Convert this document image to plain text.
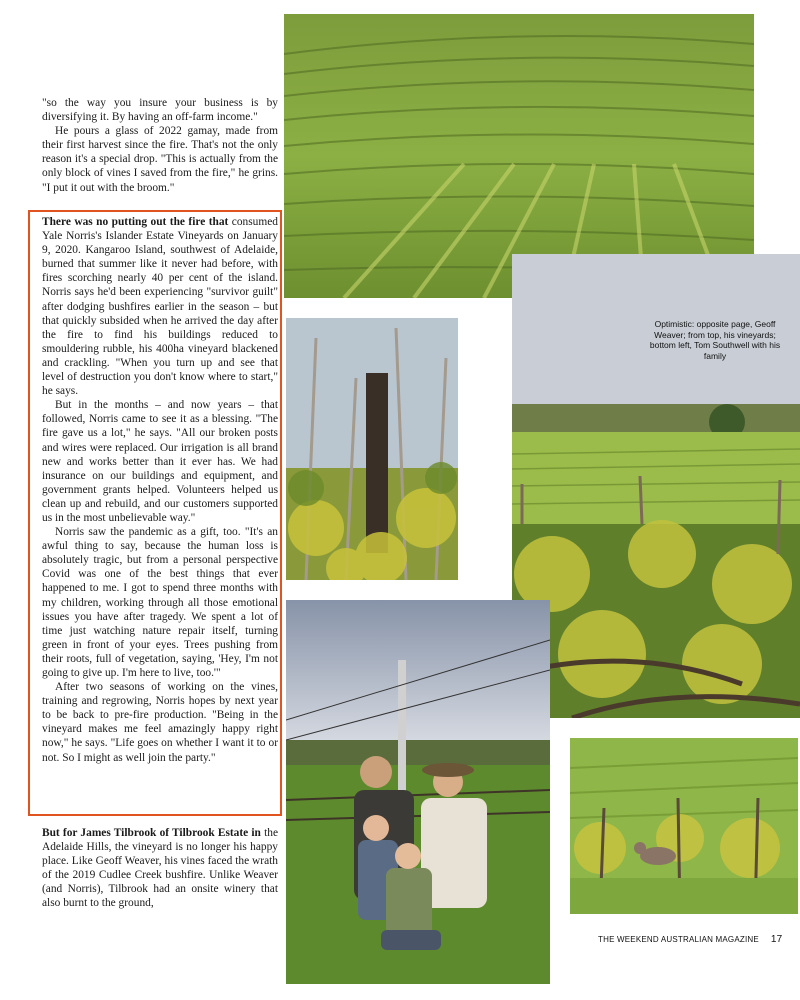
"so the way you insure your business is by diversifying it. By having an off-farm income."

He pours a glass of 2022 gamay, made from their first harvest since the fire. That's not the only reason it's a special drop. "This is actually from the only block of vines I saved from the fire," he grins. "I put it out with the broom."

There was no putting out the fire that consumed Yale Norris's Islander Estate Vineyards on January 9, 2020. Kangaroo Island, southwest of Adelaide, burned that summer like it never had before, with fires scorching nearly 40 per cent of the island. Norris says he'd been experiencing "survivor guilt" after dodging bushfires earlier in the season – but that quickly subsided when he arrived the day after the fire to find his buildings reduced to smouldering rubble, his 400ha vineyard blackened and crackling. "When you turn up and see that level of destruction you don't know where to start," he says.

But in the months – and now years – that followed, Norris came to see it as a blessing. "The fire gave us a lot," he says. "All our broken posts and wires were replaced. Our irrigation is all brand new and works better than it ever has. We had insurance on our buildings and equipment, and government grants helped. Volunteers helped us clean up and rebuild, and our customers supported us in the most unbelievable way."

Norris saw the pandemic as a gift, too. "It's an awful thing to say, because the human loss is absolutely tragic, but from a personal perspective Covid was one of the best things that ever happened to me. I got to spend three months with my children, working through all those emotional issues you have after tragedy. We spent a lot of time just watching nature repair itself, turning green in front of your eyes. Trees pushing from their roots, full of vegetation, saying, 'Hey, I'm not going to give up. I'm here to live, too.'"

After two seasons of working on the vines, training and regrowing, Norris hopes by next year to be back to pre-fire production. "Being in the vineyard makes me feel amazingly happy right now," he says. "Life goes on whether I want it to or not. So I might as well join the party."

But for James Tilbrook of Tilbrook Estate in the Adelaide Hills, the vineyard is no longer his happy place. Like Geoff Weaver, his vines faced the wrath of the 2019 Cudlee Creek bushfire. Unlike Weaver (and Norris), Tilbrook had an onsite winery that also burnt to the ground,

Optimistic: opposite page, Geoff Weaver; from top, his vineyards; bottom left, Tom Southwell with his family
THE WEEKEND AUSTRALIAN MAGAZINE 17
